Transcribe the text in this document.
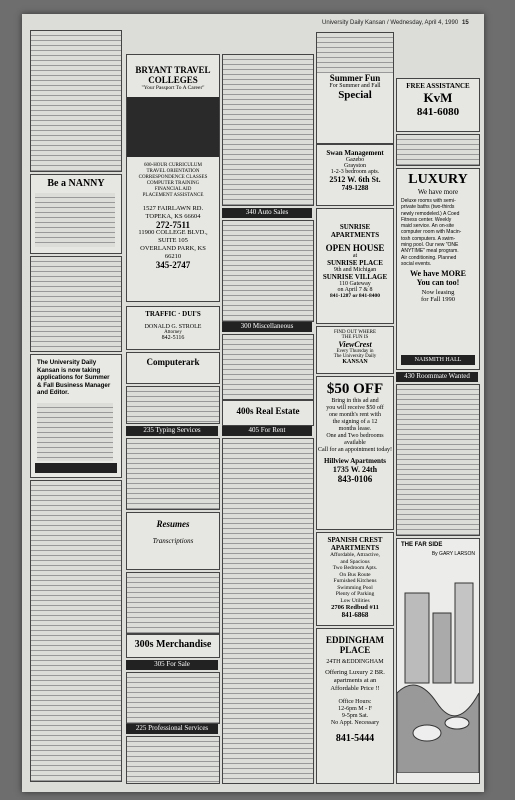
University Daily Kansan / Wednesday, April 4, 1990 15
Be a NANNY
The University Daily
Kansan is now taking
applications for Summer
& Fall Business Manager
and Editor.
BRYANT TRAVEL COLLEGES
"Your Passport To A Career"
600-HOUR CURRICULUM
TRAVEL ORIENTATION
CORRESPONDENCE CLASSES
COMPUTER TRAINING
FINANCIAL AID
PLACEMENT ASSISTANCE
1527 FAIRLAWN RD.
TOPEKA, KS 66604
272-7511
11900 COLLEGE BLVD.,
SUITE 105
OVERLAND PARK, KS
66210
345-2747
TRAFFIC · DUI'S
DONALD G. STROLE
Attorney
842-5116
Computerark
235 Typing Services
Resumes
Transcriptions
300s Merchandise
305 For Sale
225 Professional Services
340 Auto Sales
300 Miscellaneous
400s Real Estate
405 For Rent
Summer Fun
For Summer and Fall
Special
Swan Management
Gazebo
Grayston
1-2-3 bedroom apts.
2512 W. 6th St.
749-1288
SUNRISE APARTMENTS
OPEN HOUSE
at
SUNRISE PLACE
9th and Michigan
SUNRISE VILLAGE
110 Gateway
on April 7 & 8
841-1287 or 841-8400
FIND OUT WHERE
THE FUN IS
ViewCrest
Every Thursday in
The University Daily
KANSAN
$50 OFF
Bring in this ad and
you will receive $50 off
one month's rent with
the signing of a 12
months lease.
One and Two bedrooms
available
Call for an appointment today!
Hillview Apartments
1735 W. 24th
843-0106
SPANISH CREST APARTMENTS
Affordable, Attractive,
and Spacious
Two Bedroom Apts.
On Bus Route
Furnished Kitchens
Swimming Pool
Plenty of Parking
Low Utilities
2706 Redbud #11
841-6868
EDDINGHAM PLACE
24TH &EDDINGHAM
Offering Luxury 2 BR.
apartments at an
Affordable Price !!
Office Hours:
12-6pm M - F
9-5pm Sat.
No Appt. Necessary
841-5444
FREE ASSISTANCE
KvM
841-6080
LUXURY
We have more
Deluxe rooms with semi-
private baths (two-thirds
newly remodeled.) A Coed
Fitness center. Weekly
maid service. An on-site
computer room with Macin-
tosh computers. A swim-
ming pool. Our new "ONE
ANYTIME" meal program.
Air conditioning. Planned
social events.
We have MORE
You can too!
Now leasing
for Fall 1990
NAISMITH HALL
430 Roommate Wanted
THE FAR SIDE
By GARY LARSON
